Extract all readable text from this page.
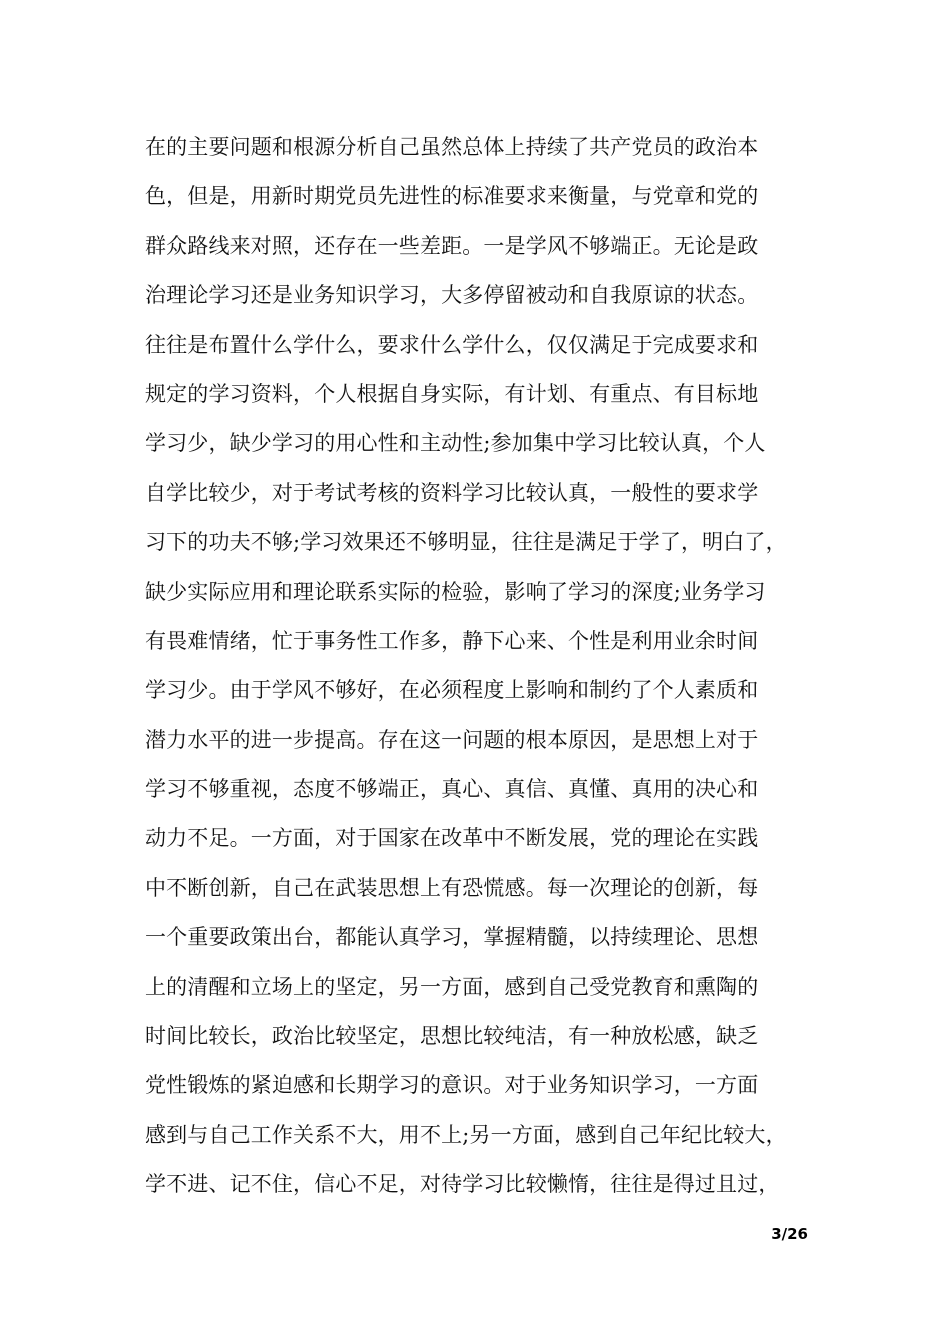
在的主要问题和根源分析自己虽然总体上持续了共产党员的政治本
色，但是，用新时期党员先进性的标准要求来衡量，与党章和党的
群众路线来对照，还存在一些差距。一是学风不够端正。无论是政
治理论学习还是业务知识学习，大多停留被动和自我原谅的状态。
往往是布置什么学什么，要求什么学什么，仅仅满足于完成要求和
规定的学习资料，个人根据自身实际，有计划、有重点、有目标地
学习少，缺少学习的用心性和主动性;参加集中学习比较认真，个人
自学比较少，对于考试考核的资料学习比较认真，一般性的要求学
习下的功夫不够;学习效果还不够明显，往往是满足于学了，明白了，
缺少实际应用和理论联系实际的检验，影响了学习的深度;业务学习
有畏难情绪，忙于事务性工作多，静下心来、个性是利用业余时间
学习少。由于学风不够好，在必须程度上影响和制约了个人素质和
潜力水平的进一步提高。存在这一问题的根本原因，是思想上对于
学习不够重视，态度不够端正，真心、真信、真懂、真用的决心和
动力不足。一方面，对于国家在改革中不断发展，党的理论在实践
中不断创新，自己在武装思想上有恐慌感。每一次理论的创新，每
一个重要政策出台，都能认真学习，掌握精髓，以持续理论、思想
上的清醒和立场上的坚定，另一方面，感到自己受党教育和熏陶的
时间比较长，政治比较坚定，思想比较纯洁，有一种放松感，缺乏
党性锻炼的紧迫感和长期学习的意识。对于业务知识学习，一方面
感到与自己工作关系不大，用不上;另一方面，感到自己年纪比较大，
学不进、记不住，信心不足，对待学习比较懒惰，往往是得过且过，
3/26
